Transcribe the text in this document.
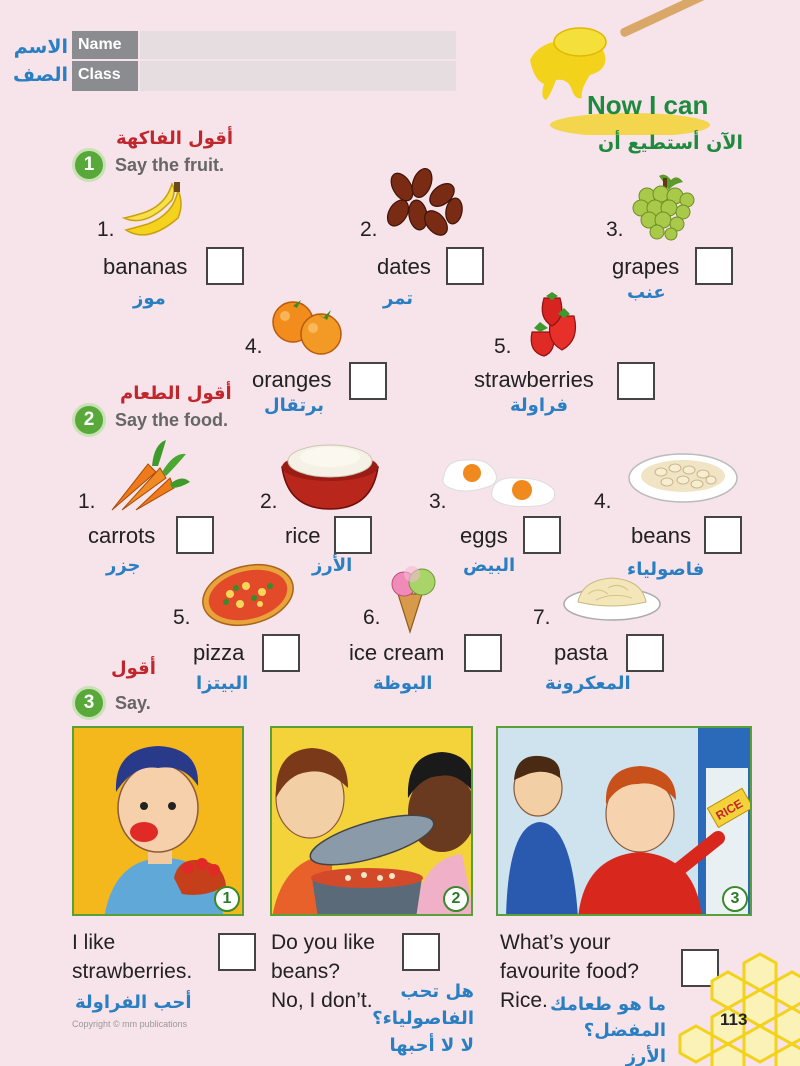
الاسم Name
الصف Class
Now I can
الآن أستطيع أن
أقول الفاكهة
1	Say the fruit.
1.
bananas
موز
2.
dates
تمر
3.
grapes
عنب
4.
oranges
برتقال
5.
strawberries
فراولة
أقول الطعام
2	Say the food.
1.
carrots
جزر
2.
rice
الأرز
3.
eggs
البيض
4.
beans
فاصولياء
5.
pizza
البيتزا
6.
ice cream
البوظة
7.
pasta
المعكرونة
أقول
3	Say.
1
I like
strawberries.
أحب الفراولة
2
Do you like
beans?
No, I don’t.	هل تحب
الفاصولياء؟
لا لا أحبها
RICE
3
What’s your
favourite food?
Rice.	ما هو طعامك
المفضل؟ الأرز
Copyright © mm publications	113
